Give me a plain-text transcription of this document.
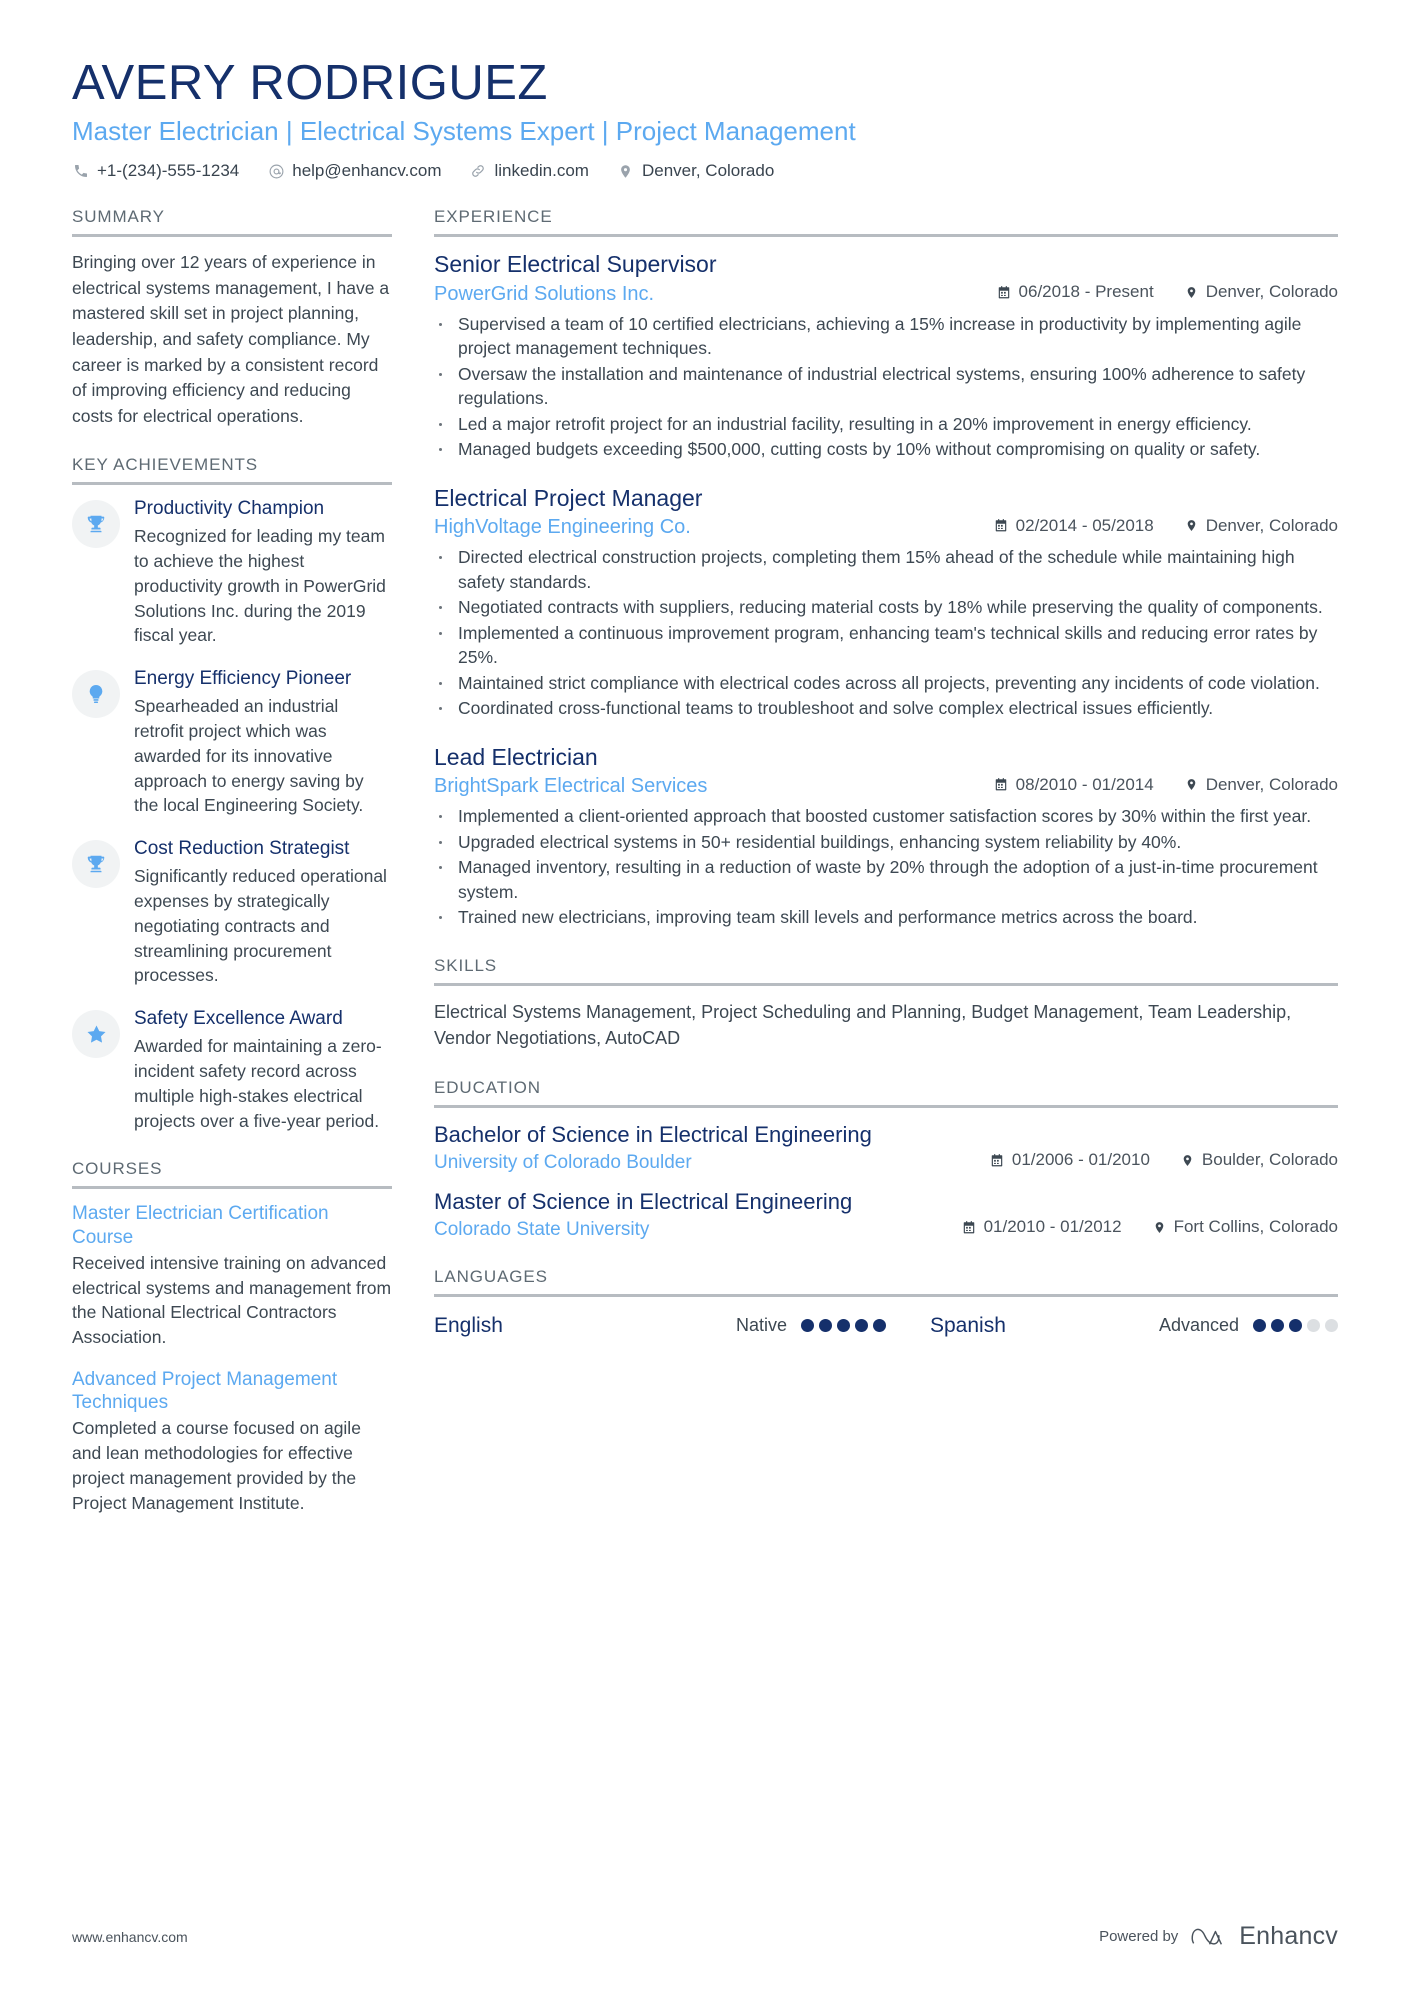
AVERY RODRIGUEZ
Master Electrician | Electrical Systems Expert | Project Management
+1-(234)-555-1234	help@enhancv.com	linkedin.com	Denver, Colorado
SUMMARY

Bringing over 12 years of experience in electrical systems management, I have a mastered skill set in project planning, leadership, and safety compliance. My career is marked by a consistent record of improving efficiency and reducing costs for electrical operations.

KEY ACHIEVEMENTS
Productivity Champion
Recognized for leading my team to achieve the highest productivity growth in PowerGrid Solutions Inc. during the 2019 fiscal year.
Energy Efficiency Pioneer
Spearheaded an industrial retrofit project which was awarded for its innovative approach to energy saving by the local Engineering Society.
Cost Reduction Strategist
Significantly reduced operational expenses by strategically negotiating contracts and streamlining procurement processes.
Safety Excellence Award
Awarded for maintaining a zero-incident safety record across multiple high-stakes electrical projects over a five-year period.
COURSES
Master Electrician Certification Course
Received intensive training on advanced electrical systems and management from the National Electrical Contractors Association.
Advanced Project Management Techniques
Completed a course focused on agile and lean methodologies for effective project management provided by the Project Management Institute.
EXPERIENCE
Senior Electrical Supervisor
PowerGrid Solutions Inc.	06/2018 - Present	Denver, Colorado
Supervised a team of 10 certified electricians, achieving a 15% increase in productivity by implementing agile project management techniques.
Oversaw the installation and maintenance of industrial electrical systems, ensuring 100% adherence to safety regulations.
Led a major retrofit project for an industrial facility, resulting in a 20% improvement in energy efficiency.
Managed budgets exceeding $500,000, cutting costs by 10% without compromising on quality or safety.
Electrical Project Manager
HighVoltage Engineering Co.	02/2014 - 05/2018	Denver, Colorado
Directed electrical construction projects, completing them 15% ahead of the schedule while maintaining high safety standards.
Negotiated contracts with suppliers, reducing material costs by 18% while preserving the quality of components.
Implemented a continuous improvement program, enhancing team's technical skills and reducing error rates by 25%.
Maintained strict compliance with electrical codes across all projects, preventing any incidents of code violation.
Coordinated cross-functional teams to troubleshoot and solve complex electrical issues efficiently.
Lead Electrician
BrightSpark Electrical Services	08/2010 - 01/2014	Denver, Colorado
Implemented a client-oriented approach that boosted customer satisfaction scores by 30% within the first year.
Upgraded electrical systems in 50+ residential buildings, enhancing system reliability by 40%.
Managed inventory, resulting in a reduction of waste by 20% through the adoption of a just-in-time procurement system.
Trained new electricians, improving team skill levels and performance metrics across the board.
SKILLS

Electrical Systems Management, Project Scheduling and Planning, Budget Management, Team Leadership, Vendor Negotiations, AutoCAD

EDUCATION
Bachelor of Science in Electrical Engineering
University of Colorado Boulder	01/2006 - 01/2010	Boulder, Colorado
Master of Science in Electrical Engineering
Colorado State University	01/2010 - 01/2012	Fort Collins, Colorado
LANGUAGES
English	Native	Spanish	Advanced
www.enhancv.com	Powered by Enhancv
